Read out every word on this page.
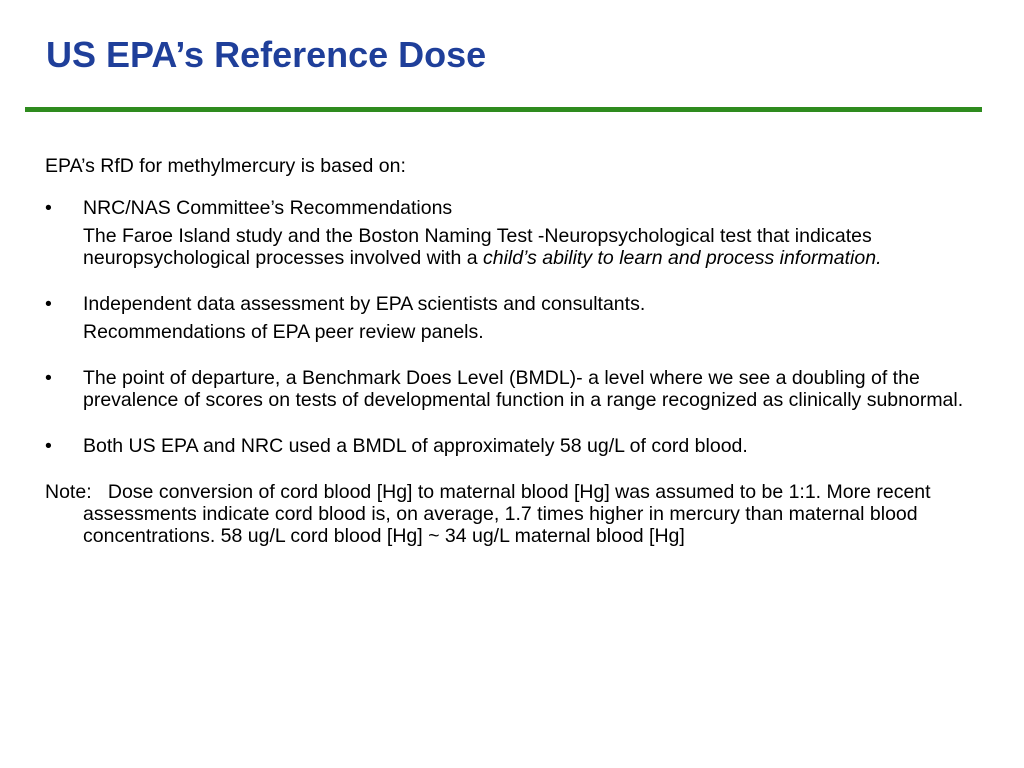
US EPA’s Reference Dose

EPA’s RfD for methylmercury is based on:

• NRC/NAS Committee’s Recommendations

The Faroe Island study and the Boston Naming Test -Neuropsychological test that indicates neuropsychological processes involved with a child’s ability to learn and process information.

• Independent data assessment by EPA scientists and consultants.

Recommendations of EPA peer review panels.

• The point of departure, a Benchmark Does Level (BMDL)- a level where we see a doubling of the prevalence of scores on tests of developmental function in a range recognized as clinically subnormal.

• Both US EPA and NRC used a BMDL of approximately 58 ug/L of cord blood.

Note: Dose conversion of cord blood [Hg] to maternal blood [Hg] was assumed to be 1:1. More recentassessments indicate cord blood is, on average, 1.7 times higher in mercury than maternal blood concentrations. 58 ug/L cord blood [Hg] ~ 34 ug/L maternal blood [Hg]
